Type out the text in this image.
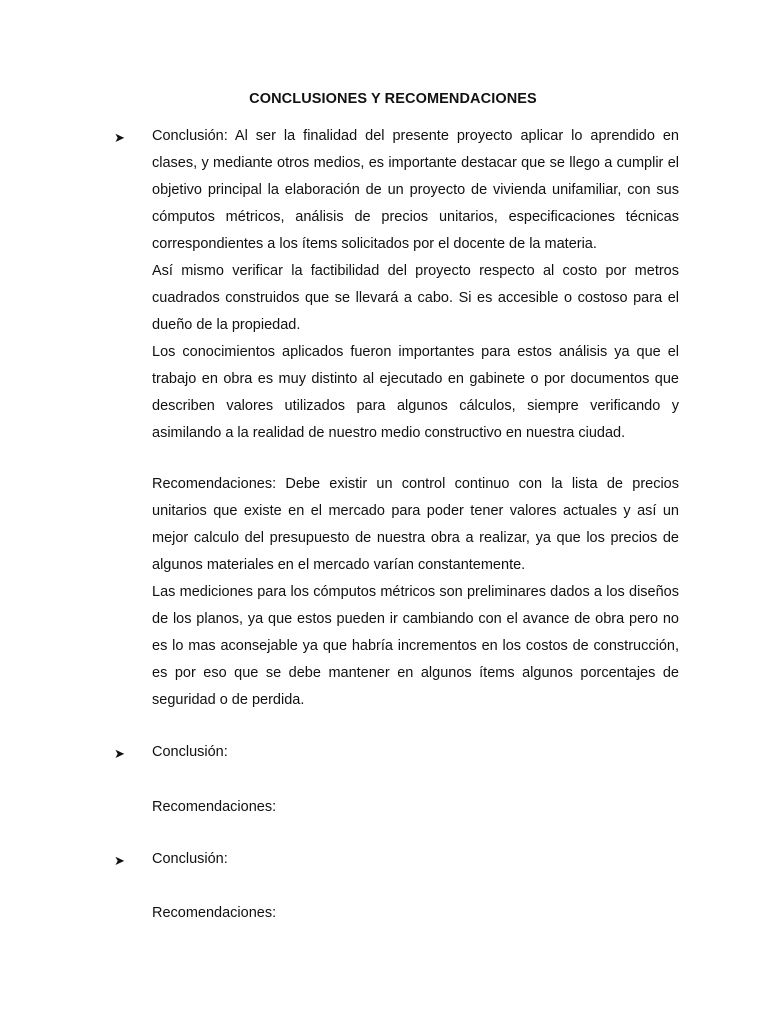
CONCLUSIONES Y RECOMENDACIONES
➤	Conclusión: Al ser la finalidad del presente proyecto aplicar lo aprendido en clases, y mediante otros medios, es importante destacar que se llego a cumplir el objetivo principal la elaboración de un proyecto de vivienda unifamiliar, con sus cómputos métricos, análisis de precios unitarios, especificaciones técnicas correspondientes a los ítems solicitados por el docente de la materia.

Así mismo verificar la factibilidad del proyecto respecto al costo por metros cuadrados construidos que se llevará a cabo. Si es accesible o costoso para el dueño de la propiedad.

Los conocimientos aplicados fueron importantes para estos análisis ya que el trabajo en obra es muy distinto al ejecutado en gabinete o por documentos que describen valores utilizados para algunos cálculos, siempre verificando y asimilando a la realidad de nuestro medio constructivo en nuestra ciudad.

Recomendaciones: Debe existir un control continuo con la lista de precios unitarios que existe en el mercado para poder tener valores actuales y así un mejor calculo del presupuesto de nuestra obra a realizar, ya que los precios de algunos materiales en el mercado varían constantemente.

Las mediciones para los cómputos métricos son preliminares dados a los diseños de los planos, ya que estos pueden ir cambiando con el avance de obra pero no es lo mas aconsejable ya que habría incrementos en los costos de construcción, es por eso que se debe mantener en algunos ítems algunos porcentajes de seguridad o de perdida.

➤	Conclusión:
Recomendaciones:
➤	Conclusión:
Recomendaciones:
